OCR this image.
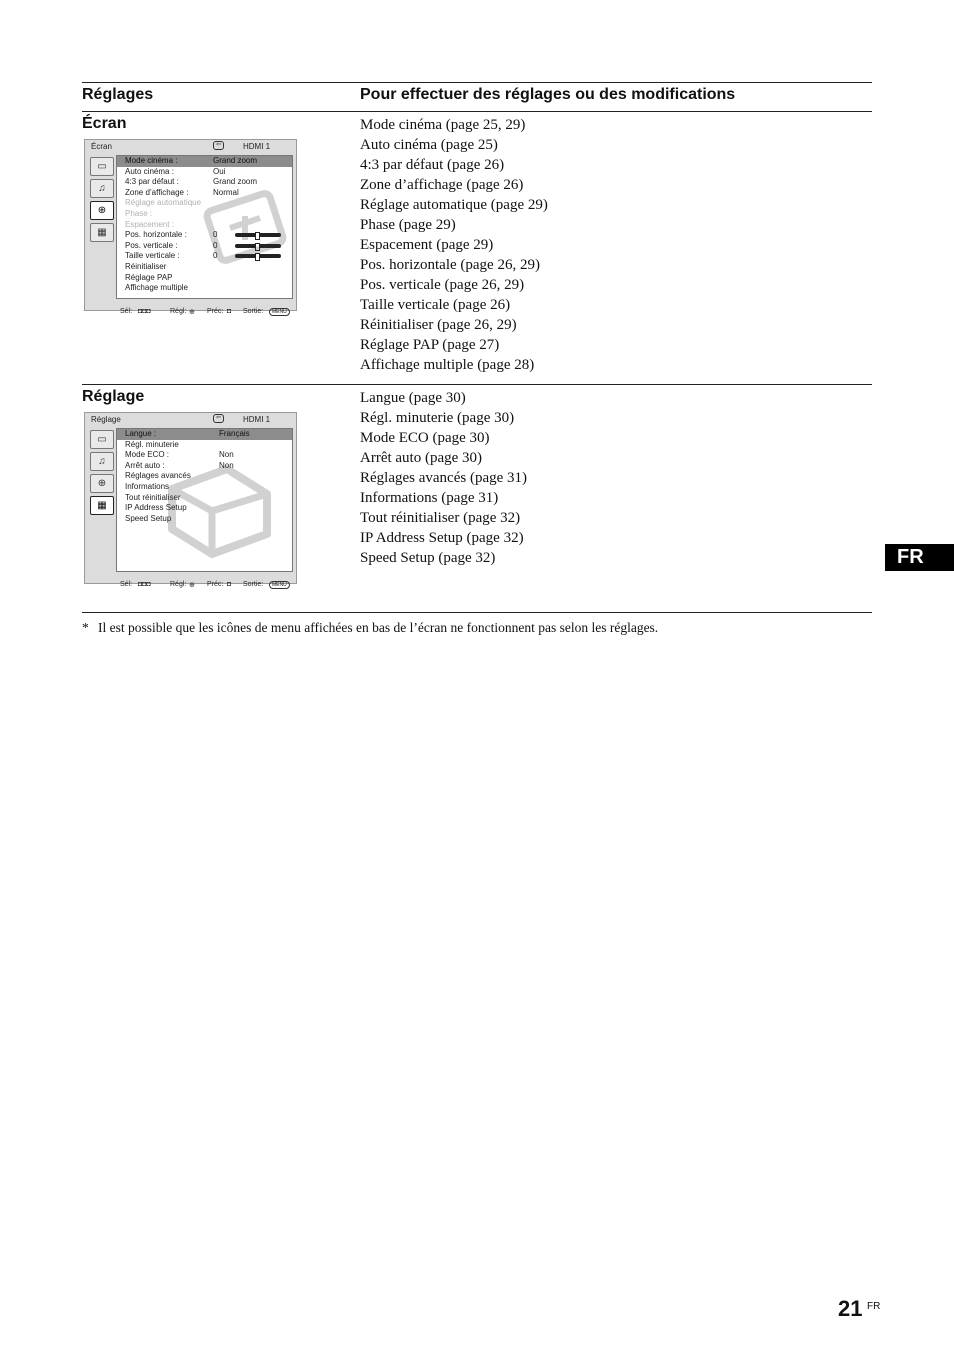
Réglages	Pour effectuer des réglages ou des modifications
Écran
Écran	⇦	HDMI 1
▭
♫
⊕
▦
Mode cinéma :	Grand zoom
Auto cinéma :	Oui
4:3 par défaut :	Grand zoom
Zone d’affichage :	Normal
Réglage automatique
Phase :
Espacement :
Pos. horizontale :	0
Pos. verticale :	0
Taille verticale :	0
Réinitialiser
Réglage PAP
Affichage multiple
Sél: ◘◘◘	Régl: ⊕ Préc: ◘ Sortie:	MENU
Mode cinéma (page 25, 29)
Auto cinéma (page 25)
4:3 par défaut (page 26)
Zone d’affichage (page 26)
Réglage automatique (page 29)
Phase (page 29)
Espacement (page 29)
Pos. horizontale (page 26, 29)
Pos. verticale (page 26, 29)
Taille verticale (page 26)
Réinitialiser (page 26, 29)
Réglage PAP (page 27)
Affichage multiple (page 28)
Réglage
Réglage	⇦	HDMI 1
▭
♫
⊕
▦
Langue :	Français
Régl. minuterie
Mode ECO :	Non
Arrêt auto :	Non
Réglages avancés
Informations
Tout réinitialiser
IP Address Setup
Speed Setup
Sél: ◘◘◘	Régl: ⊕ Préc: ◘ Sortie:	MENU
Langue (page 30)
Régl. minuterie (page 30)
Mode ECO (page 30)
Arrêt auto (page 30)
Réglages avancés (page 31)
Informations (page 31)
Tout réinitialiser (page 32)
IP Address Setup (page 32)
Speed Setup (page 32)	FR
* Il est possible que les icônes de menu affichées en bas de l’écran ne fonctionnent pas selon les réglages.
21 FR
